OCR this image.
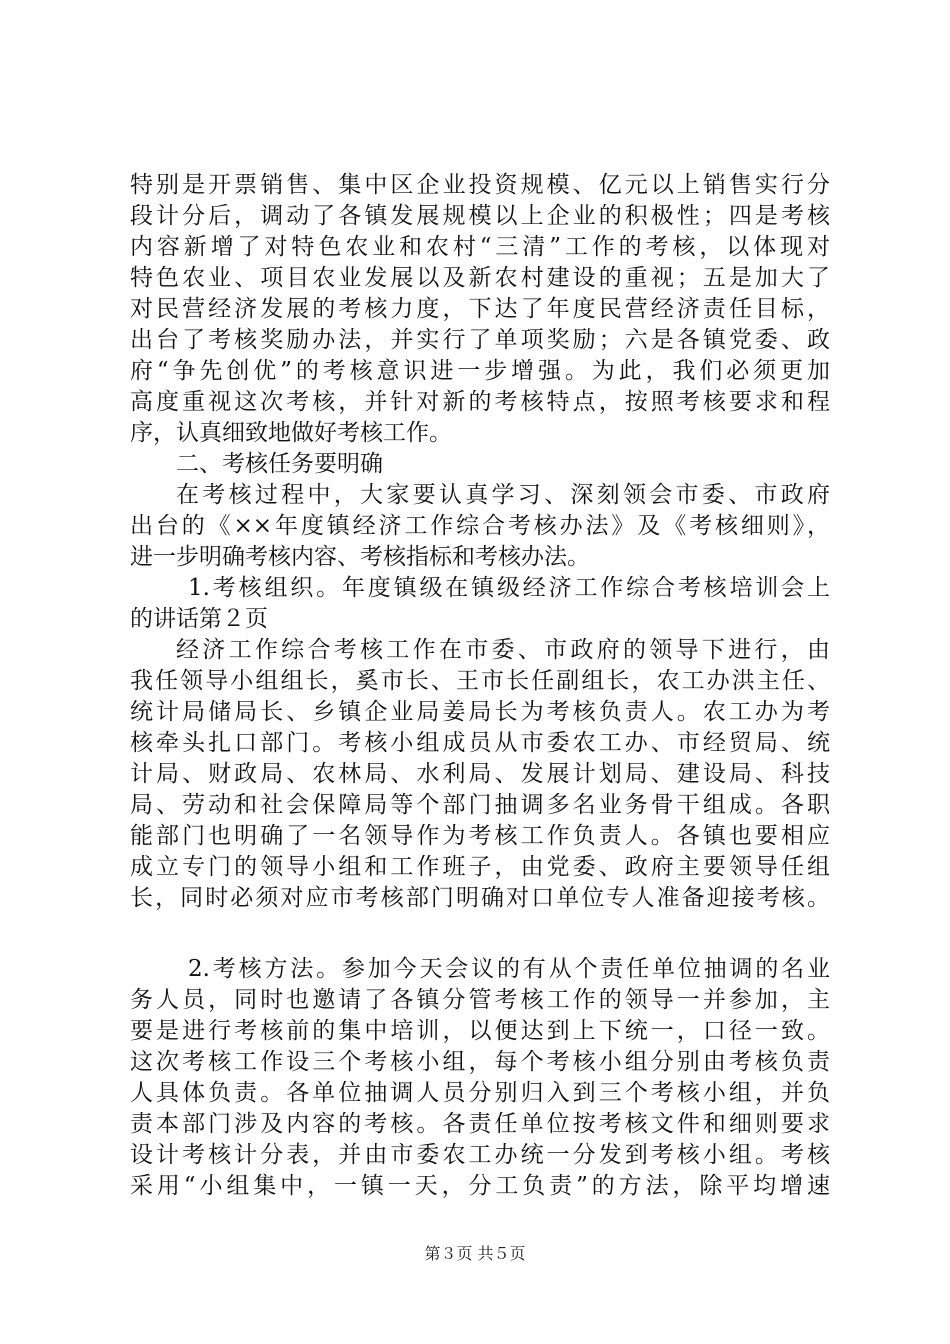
特别是开票销售、集中区企业投资规模、亿元以上销售实行分
段计分后，调动了各镇发展规模以上企业的积极性；四是考核
内容新增了对特色农业和农村“三清”工作的考核，以体现对
特色农业、项目农业发展以及新农村建设的重视；五是加大了
对民营经济发展的考核力度，下达了年度民营经济责任目标，
出台了考核奖励办法，并实行了单项奖励；六是各镇党委、政
府“争先创优”的考核意识进一步增强。为此，我们必须更加
高度重视这次考核，并针对新的考核特点，按照考核要求和程
序，认真细致地做好考核工作。
二、考核任务要明确
在考核过程中，大家要认真学习、深刻领会市委、市政府
出台的《××年度镇经济工作综合考核办法》及《考核细则》，
进一步明确考核内容、考核指标和考核办法。
1.考核组织。年度镇级在镇级经济工作综合考核培训会上
的讲话第２页
经济工作综合考核工作在市委、市政府的领导下进行，由
我任领导小组组长，奚市长、王市长任副组长，农工办洪主任、
统计局储局长、乡镇企业局姜局长为考核负责人。农工办为考
核牵头扎口部门。考核小组成员从市委农工办、市经贸局、统
计局、财政局、农林局、水利局、发展计划局、建设局、科技
局、劳动和社会保障局等个部门抽调多名业务骨干组成。各职
能部门也明确了一名领导作为考核工作负责人。各镇也要相应
成立专门的领导小组和工作班子，由党委、政府主要领导任组
长，同时必须对应市考核部门明确对口单位专人准备迎接考核。
2.考核方法。参加今天会议的有从个责任单位抽调的名业
务人员，同时也邀请了各镇分管考核工作的领导一并参加，主
要是进行考核前的集中培训，以便达到上下统一，口径一致。
这次考核工作设三个考核小组，每个考核小组分别由考核负责
人具体负责。各单位抽调人员分别归入到三个考核小组，并负
责本部门涉及内容的考核。各责任单位按考核文件和细则要求
设计考核计分表，并由市委农工办统一分发到考核小组。考核
采用“小组集中，一镇一天，分工负责”的方法，除平均增速
第３页 共５页
